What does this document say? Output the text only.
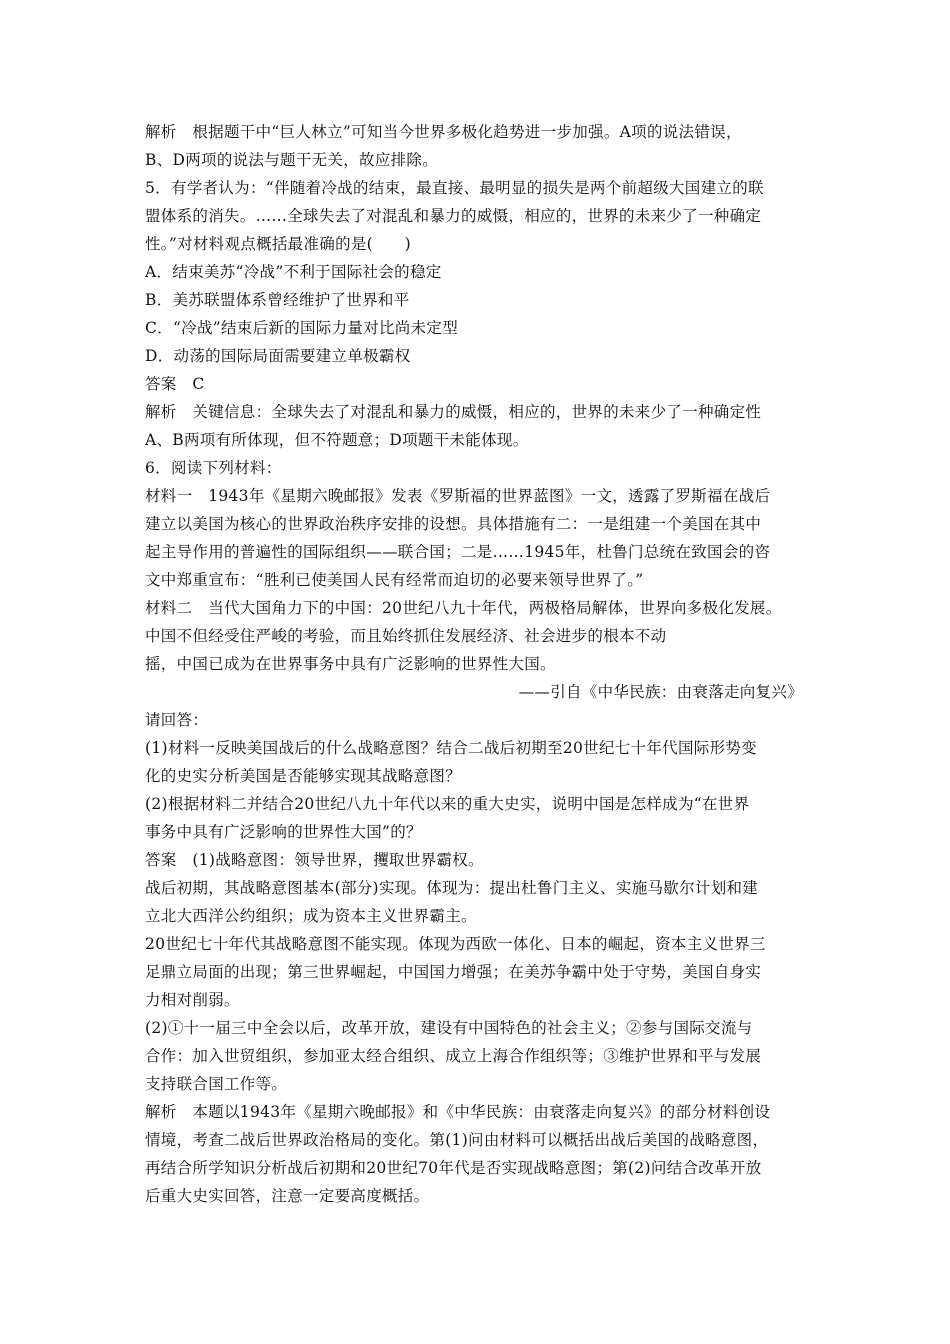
解析　根据题干中“巨人林立”可知当今世界多极化趋势进一步加强。A项的说法错误，
B、D两项的说法与题干无关，故应排除。
5．有学者认为：“伴随着冷战的结束，最直接、最明显的损失是两个前超级大国建立的联
盟体系的消失。……全球失去了对混乱和暴力的威慑，相应的，世界的未来少了一种确定
性。”对材料观点概括最准确的是(　　)
A．结束美苏“冷战”不利于国际社会的稳定
B．美苏联盟体系曾经维护了世界和平
C．“冷战”结束后新的国际力量对比尚未定型
D．动荡的国际局面需要建立单极霸权
答案　C
解析　关键信息：全球失去了对混乱和暴力的威慑，相应的，世界的未来少了一种确定性
A、B两项有所体现，但不符题意；D项题干未能体现。
6．阅读下列材料：
材料一　1943年《星期六晚邮报》发表《罗斯福的世界蓝图》一文，透露了罗斯福在战后
建立以美国为核心的世界政治秩序安排的设想。具体措施有二：一是组建一个美国在其中
起主导作用的普遍性的国际组织——联合国；二是……1945年，杜鲁门总统在致国会的咨
文中郑重宣布：“胜利已使美国人民有经常而迫切的必要来领导世界了。”
材料二　当代大国角力下的中国：20世纪八九十年代，两极格局解体，世界向多极化发展。
中国不但经受住严峻的考验，而且始终抓住发展经济、社会进步的根本不动
摇，中国已成为在世界事务中具有广泛影响的世界性大国。
——引自《中华民族：由衰落走向复兴》
请回答：
(1)材料一反映美国战后的什么战略意图？结合二战后初期至20世纪七十年代国际形势变
化的史实分析美国是否能够实现其战略意图？
(2)根据材料二并结合20世纪八九十年代以来的重大史实，说明中国是怎样成为“在世界
事务中具有广泛影响的世界性大国”的？
答案　(1)战略意图：领导世界，攫取世界霸权。
战后初期，其战略意图基本(部分)实现。体现为：提出杜鲁门主义、实施马歇尔计划和建
立北大西洋公约组织；成为资本主义世界霸主。
20世纪七十年代其战略意图不能实现。体现为西欧一体化、日本的崛起，资本主义世界三
足鼎立局面的出现；第三世界崛起，中国国力增强；在美苏争霸中处于守势，美国自身实
力相对削弱。
(2)①十一届三中全会以后，改革开放，建设有中国特色的社会主义；②参与国际交流与
合作：加入世贸组织，参加亚太经合组织、成立上海合作组织等；③维护世界和平与发展
支持联合国工作等。
解析　本题以1943年《星期六晚邮报》和《中华民族：由衰落走向复兴》的部分材料创设
情境，考查二战后世界政治格局的变化。第(1)问由材料可以概括出战后美国的战略意图，
再结合所学知识分析战后初期和20世纪70年代是否实现战略意图；第(2)问结合改革开放
后重大史实回答，注意一定要高度概括。
